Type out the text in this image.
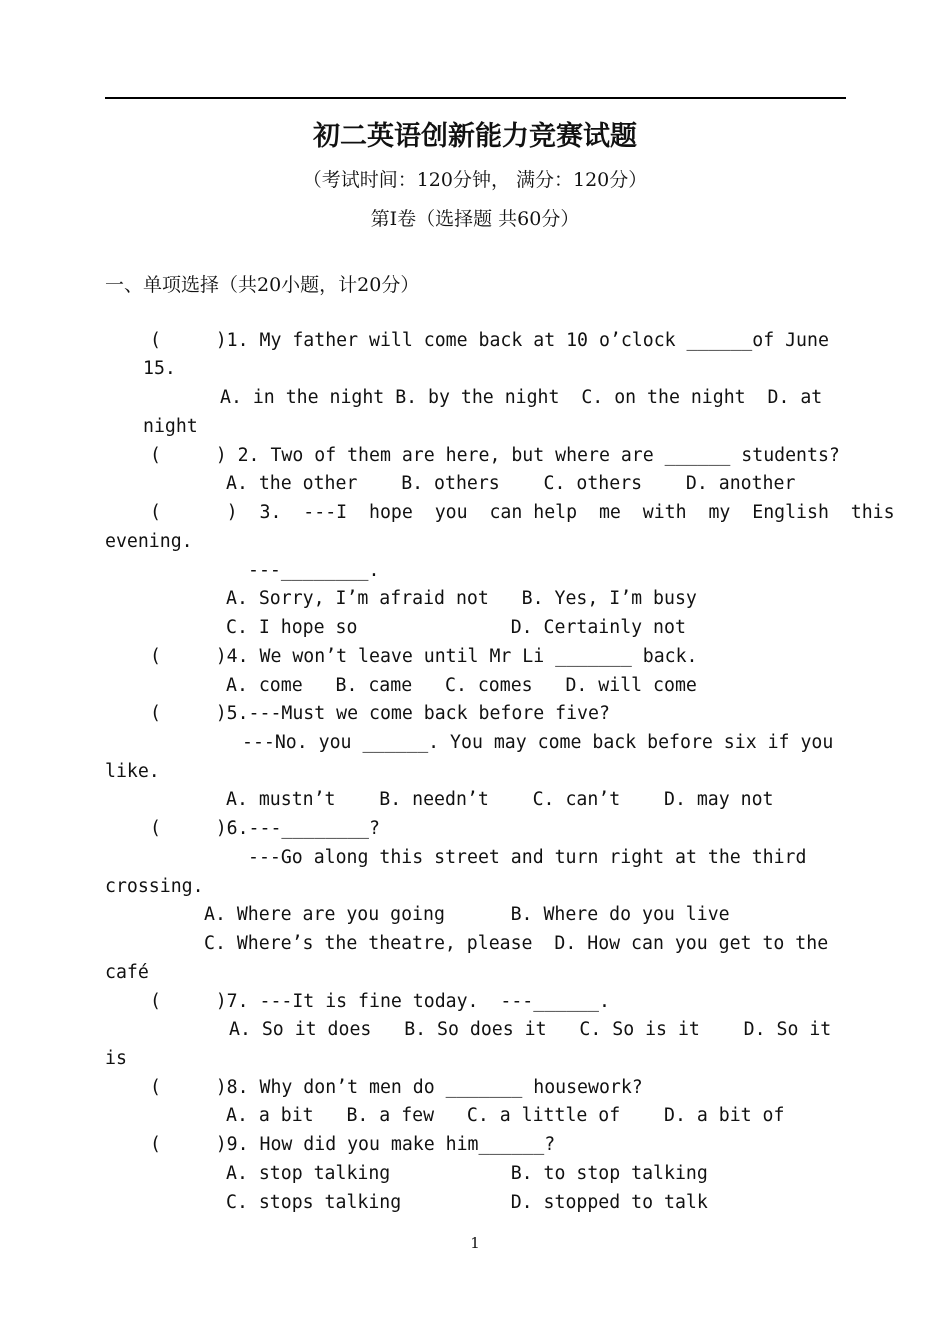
初二英语创新能力竞赛试题
（考试时间：120分钟， 满分：120分）
第Ⅰ卷（选择题 共60分）
一、单项选择（共20小题，计20分）
(     )1. My father will come back at 10 o’clock ______of June
15.
A. in the night B. by the night  C. on the night  D. at
night
(     ) 2. Two of them are here, but where are ______ students?
A. the other    B. others    C. others    D. another
(      )  3.  ---I  hope  you  can help  me  with  my  English  this
evening.
---________.
A. Sorry, I’m afraid not   B. Yes, I’m busy
C. I hope so              D. Certainly not
(     )4. We won’t leave until Mr Li _______ back.
A. come   B. came   C. comes   D. will come
(     )5.---Must we come back before five?
---No. you ______. You may come back before six if you
like.
A. mustn’t    B. needn’t    C. can’t    D. may not
(     )6.---________?
---Go along this street and turn right at the third
crossing.
A. Where are you going      B. Where do you live
C. Where’s the theatre, please  D. How can you get to the
café
(     )7. ---It is fine today.  ---______.
A. So it does   B. So does it   C. So is it    D. So it
is
(     )8. Why don’t men do _______ housework?
A. a bit   B. a few   C. a little of    D. a bit of
(     )9. How did you make him______?
A. stop talking           B. to stop talking
C. stops talking          D. stopped to talk
1
